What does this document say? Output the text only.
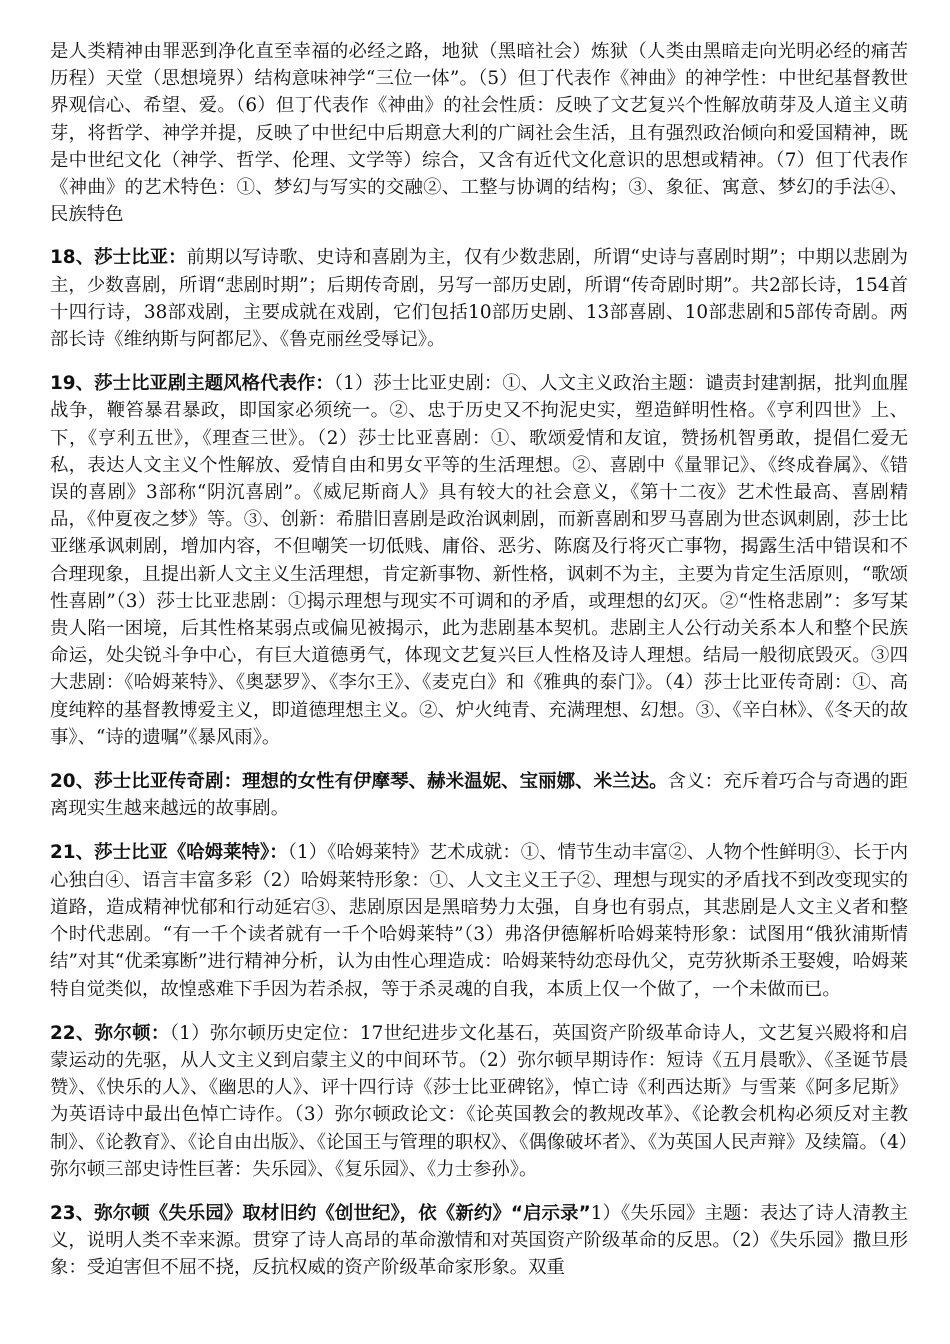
是人类精神由罪恶到净化直至幸福的必经之路，地狱（黑暗社会）炼狱（人类由黑暗走向光明必经的痛苦历程）天堂（思想境界）结构意味神学“三位一体”。（5）但丁代表作《神曲》的神学性：中世纪基督教世界观信心、希望、爱。（6）但丁代表作《神曲》的社会性质：反映了文艺复兴个性解放萌芽及人道主义萌芽，将哲学、神学并提，反映了中世纪中后期意大利的广阔社会生活，且有强烈政治倾向和爱国精神，既是中世纪文化（神学、哲学、伦理、文学等）综合，又含有近代文化意识的思想或精神。（7）但丁代表作《神曲》的艺术特色：①、梦幻与写实的交融②、工整与协调的结构；③、象征、寓意、梦幻的手法④、民族特色

18、莎士比亚：前期以写诗歌、史诗和喜剧为主，仅有少数悲剧，所谓“史诗与喜剧时期”；中期以悲剧为主，少数喜剧，所谓“悲剧时期”；后期传奇剧，另写一部历史剧，所谓“传奇剧时期”。共2部长诗，154首十四行诗，38部戏剧，主要成就在戏剧，它们包括10部历史剧、13部喜剧、10部悲剧和5部传奇剧。两部长诗《维纳斯与阿都尼》、《鲁克丽丝受辱记》。

19、莎士比亚剧主题风格代表作：（1）莎士比亚史剧：①、人文主义政治主题：谴责封建割据，批判血腥战争，鞭笞暴君暴政，即国家必须统一。②、忠于历史又不拘泥史实，塑造鲜明性格。《亨利四世》上、下，《亨利五世》，《理查三世》。（2）莎士比亚喜剧：①、歌颂爱情和友谊，赞扬机智勇敢，提倡仁爱无私，表达人文主义个性解放、爱情自由和男女平等的生活理想。②、喜剧中《量罪记》、《终成眷属》、《错误的喜剧》3部称“阴沉喜剧”。《威尼斯商人》具有较大的社会意义，《第十二夜》艺术性最高、喜剧精品，《仲夏夜之梦》等。③、创新：希腊旧喜剧是政治讽刺剧，而新喜剧和罗马喜剧为世态讽刺剧，莎士比亚继承讽刺剧，增加内容，不但嘲笑一切低贱、庸俗、恶劣、陈腐及行将灭亡事物，揭露生活中错误和不合理现象，且提出新人文主义生活理想，肯定新事物、新性格，讽刺不为主，主要为肯定生活原则，“歌颂性喜剧”（3）莎士比亚悲剧：①揭示理想与现实不可调和的矛盾，或理想的幻灭。②“性格悲剧”：多写某贵人陷一困境，后其性格某弱点或偏见被揭示，此为悲剧基本契机。悲剧主人公行动关系本人和整个民族命运，处尖锐斗争中心，有巨大道德勇气，体现文艺复兴巨人性格及诗人理想。结局一般彻底毁灭。③四大悲剧：《哈姆莱特》、《奥瑟罗》、《李尔王》、《麦克白》和《雅典的泰门》。（4）莎士比亚传奇剧：①、高度纯粹的基督教博爱主义，即道德理想主义。②、炉火纯青、充满理想、幻想。③、《辛白林》、《冬天的故事》、“诗的遗嘱”《暴风雨》。

20、莎士比亚传奇剧：理想的女性有伊摩琴、赫米温妮、宝丽娜、米兰达。含义：充斥着巧合与奇遇的距离现实生越来越远的故事剧。

21、莎士比亚《哈姆莱特》：（1）《哈姆莱特》艺术成就：①、情节生动丰富②、人物个性鲜明③、长于内心独白④、语言丰富多彩（2）哈姆莱特形象：①、人文主义王子②、理想与现实的矛盾找不到改变现实的道路，造成精神忧郁和行动延宕③、悲剧原因是黑暗势力太强，自身也有弱点，其悲剧是人文主义者和整个时代悲剧。“有一千个读者就有一千个哈姆莱特”（3）弗洛伊德解析哈姆莱特形象：试图用“俄狄浦斯情结”对其“优柔寡断”进行精神分析，认为由性心理造成：哈姆莱特幼恋母仇父，克劳狄斯杀王娶嫂，哈姆莱特自觉类似，故惶惑难下手因为若杀叔，等于杀灵魂的自我，本质上仅一个做了，一个未做而已。

22、弥尔顿：（1）弥尔顿历史定位：17世纪进步文化基石，英国资产阶级革命诗人，文艺复兴殿将和启蒙运动的先驱，从人文主义到启蒙主义的中间环节。（2）弥尔顿早期诗作：短诗《五月晨歌》、《圣诞节晨赞》、《快乐的人》、《幽思的人》、评十四行诗《莎士比亚碑铭》，悼亡诗《利西达斯》与雪莱《阿多尼斯》为英语诗中最出色悼亡诗作。（3）弥尔顿政论文：《论英国教会的教规改革》、《论教会机构必须反对主教制》、《论教育》、《论自由出版》、《论国王与管理的职权》、《偶像破坏者》、《为英国人民声辩》及续篇。（4）弥尔顿三部史诗性巨著：失乐园》、《复乐园》、《力士参孙》。

23、弥尔顿《失乐园》取材旧约《创世纪》，依《新约》“启示录”1）《失乐园》主题：表达了诗人清教主义，说明人类不幸来源。贯穿了诗人高昂的革命激情和对英国资产阶级革命的反思。（2）《失乐园》撒旦形象：受迫害但不屈不挠，反抗权威的资产阶级革命家形象。双重
